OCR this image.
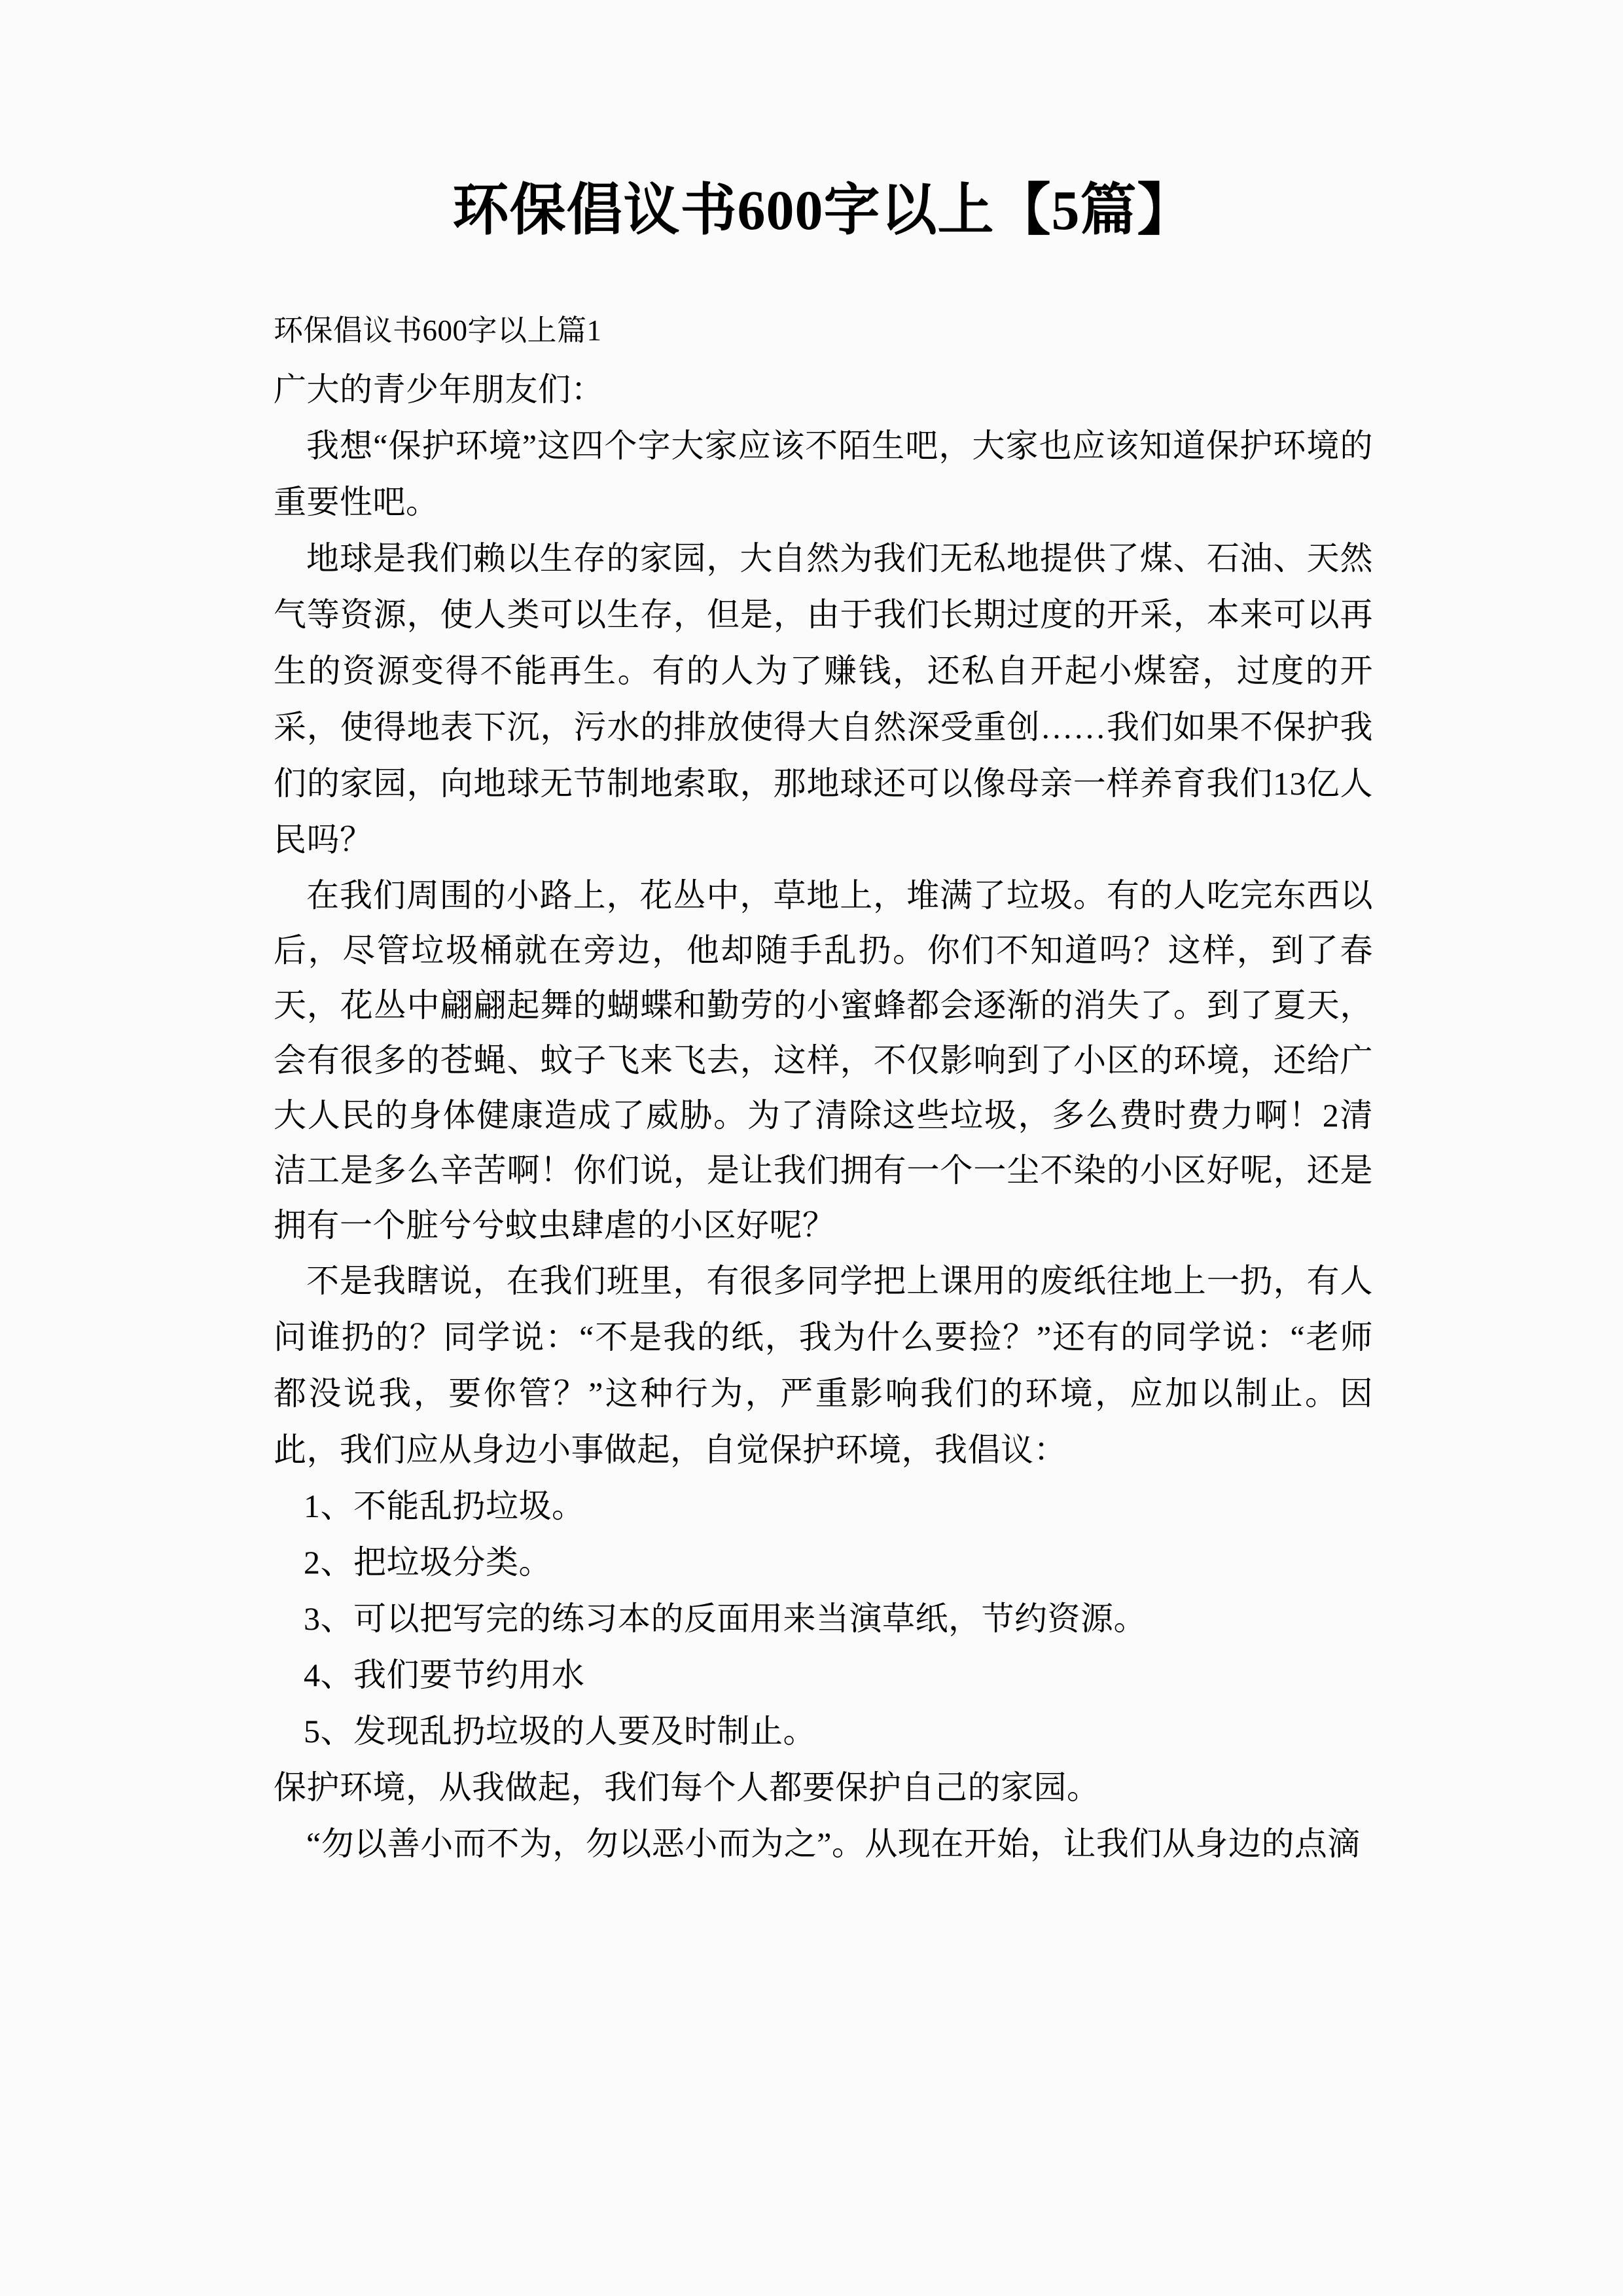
环保倡议书600字以上【5篇】

环保倡议书600字以上篇1

广大的青少年朋友们：

我想“保护环境”这四个字大家应该不陌生吧，大家也应该知道保护环境的重要性吧。

地球是我们赖以生存的家园，大自然为我们无私地提供了煤、石油、天然气等资源，使人类可以生存，但是，由于我们长期过度的开采，本来可以再生的资源变得不能再生。有的人为了赚钱，还私自开起小煤窑，过度的开采，使得地表下沉，污水的排放使得大自然深受重创……我们如果不保护我们的家园，向地球无节制地索取，那地球还可以像母亲一样养育我们13亿人民吗？

在我们周围的小路上，花丛中，草地上，堆满了垃圾。有的人吃完东西以后，尽管垃圾桶就在旁边，他却随手乱扔。你们不知道吗？这样，到了春天，花丛中翩翩起舞的蝴蝶和勤劳的小蜜蜂都会逐渐的消失了。到了夏天，会有很多的苍蝇、蚊子飞来飞去，这样，不仅影响到了小区的环境，还给广大人民的身体健康造成了威胁。为了清除这些垃圾，多么费时费力啊！2清洁工是多么辛苦啊！你们说，是让我们拥有一个一尘不染的小区好呢，还是拥有一个脏兮兮蚊虫肆虐的小区好呢？

不是我瞎说，在我们班里，有很多同学把上课用的废纸往地上一扔，有人问谁扔的？同学说：“不是我的纸，我为什么要捡？”还有的同学说：“老师都没说我，要你管？”这种行为，严重影响我们的环境，应加以制止。因此，我们应从身边小事做起，自觉保护环境，我倡议：

1、不能乱扔垃圾。

2、把垃圾分类。

3、可以把写完的练习本的反面用来当演草纸，节约资源。

4、我们要节约用水

5、发现乱扔垃圾的人要及时制止。

保护环境，从我做起，我们每个人都要保护自己的家园。

“勿以善小而不为，勿以恶小而为之”。从现在开始，让我们从身边的点滴
